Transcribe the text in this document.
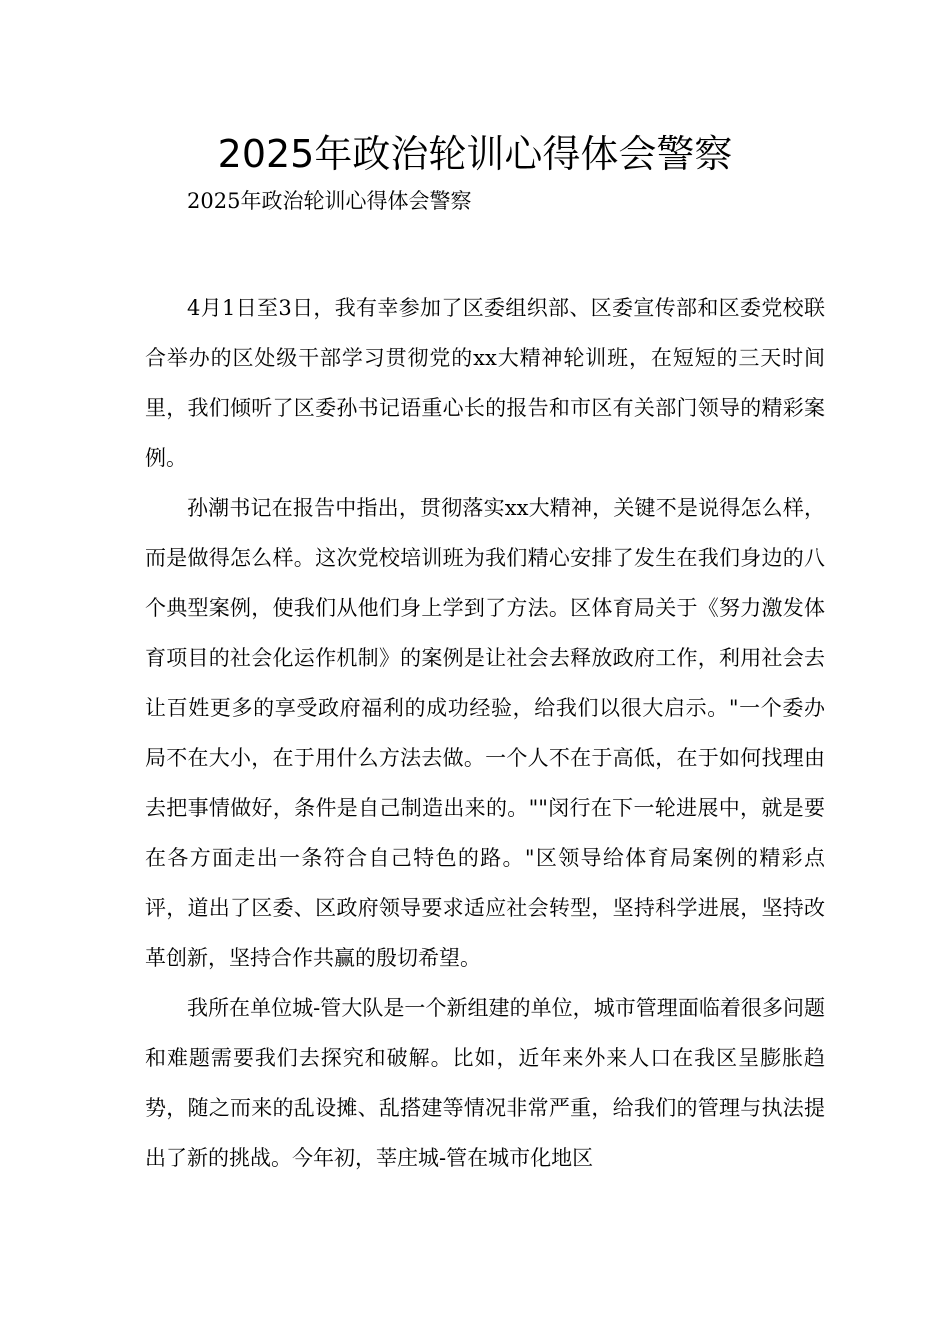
2025年政治轮训心得体会警察

2025年政治轮训心得体会警察

4月1日至3日，我有幸参加了区委组织部、区委宣传部和区委党校联合举办的区处级干部学习贯彻党的xx大精神轮训班，在短短的三天时间里，我们倾听了区委孙书记语重心长的报告和市区有关部门领导的精彩案例。

孙潮书记在报告中指出，贯彻落实xx大精神，关键不是说得怎么样，而是做得怎么样。这次党校培训班为我们精心安排了发生在我们身边的八个典型案例，使我们从他们身上学到了方法。区体育局关于《努力激发体育项目的社会化运作机制》的案例是让社会去释放政府工作，利用社会去让百姓更多的享受政府福利的成功经验，给我们以很大启示。"一个委办局不在大小，在于用什么方法去做。一个人不在于高低，在于如何找理由去把事情做好，条件是自己制造出来的。""闵行在下一轮进展中，就是要在各方面走出一条符合自己特色的路。"区领导给体育局案例的精彩点评，道出了区委、区政府领导要求适应社会转型，坚持科学进展，坚持改革创新，坚持合作共赢的殷切希望。

我所在单位城-管大队是一个新组建的单位，城市管理面临着很多问题和难题需要我们去探究和破解。比如，近年来外来人口在我区呈膨胀趋势，随之而来的乱设摊、乱搭建等情况非常严重，给我们的管理与执法提出了新的挑战。今年初，莘庄城-管在城市化地区
